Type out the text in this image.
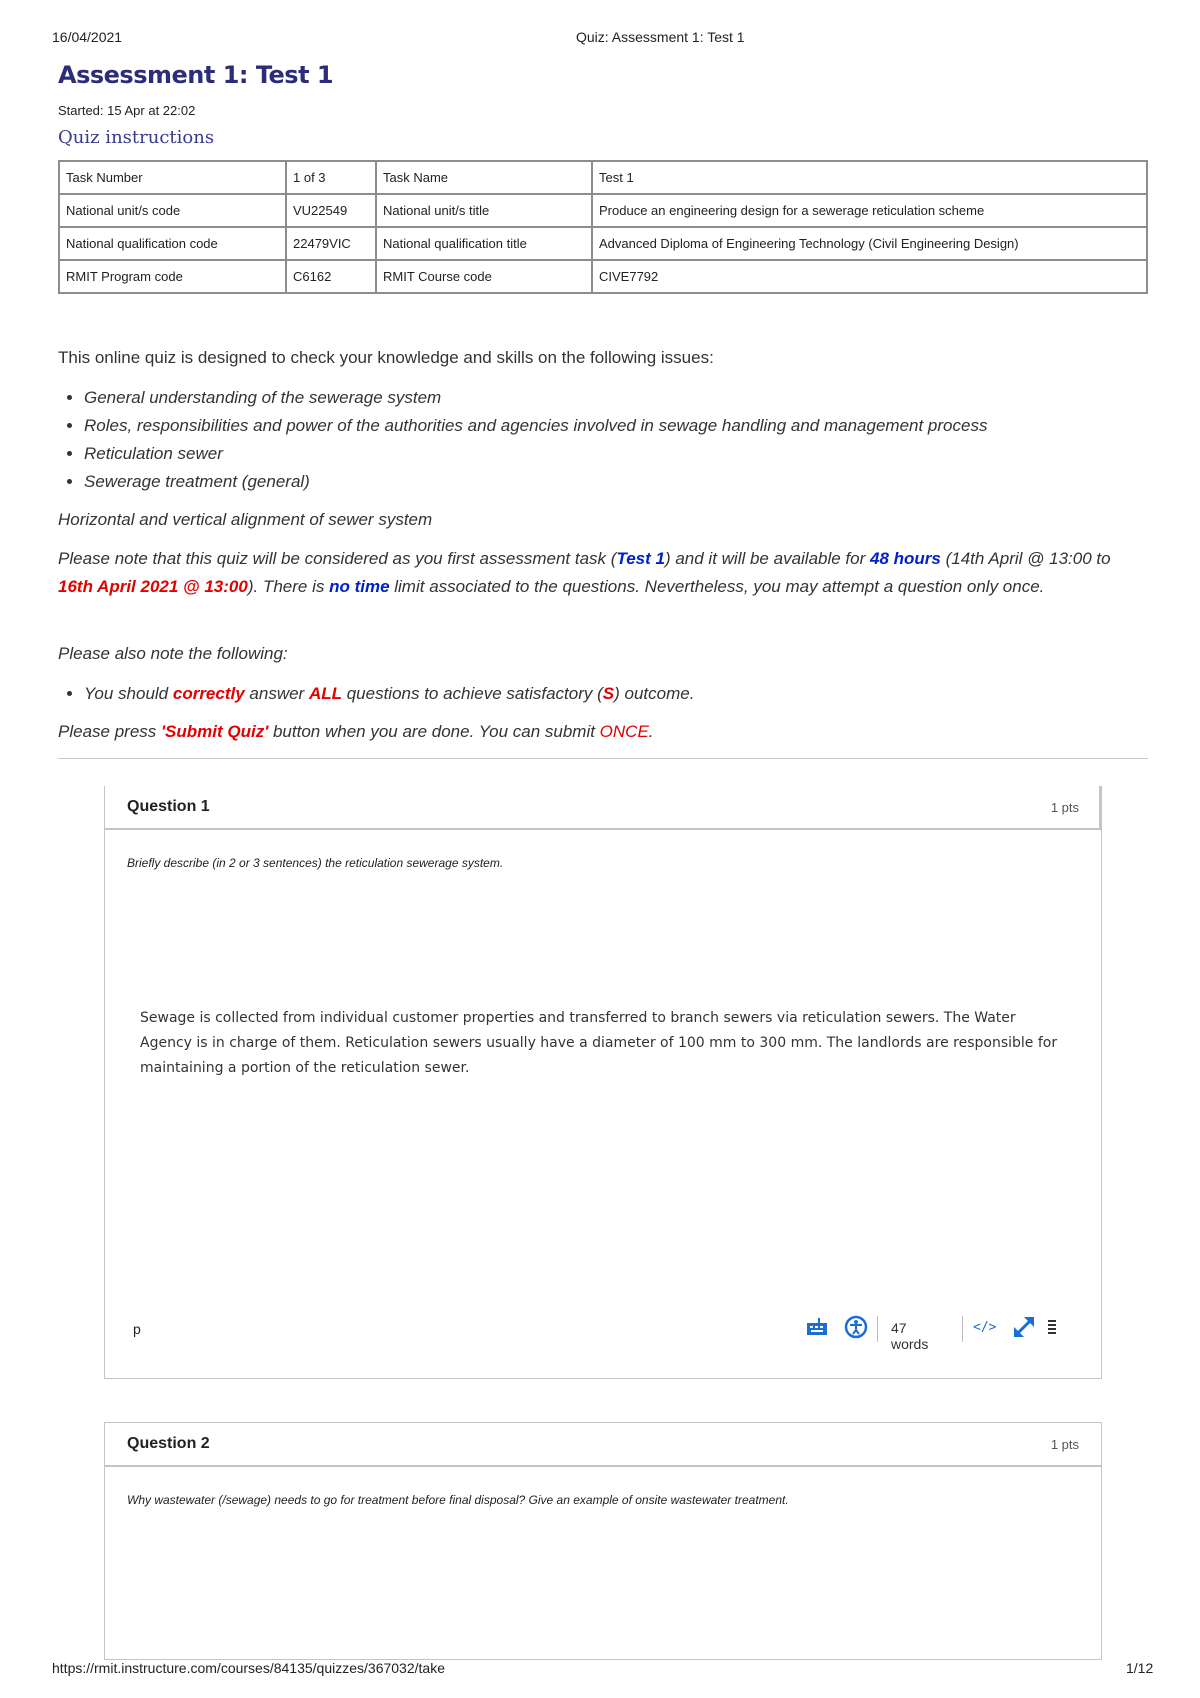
16/04/2021	Quiz: Assessment 1: Test 1
https://rmit.instructure.com/courses/84135/quizzes/367032/take	1/12
Assessment 1: Test 1
Started: 15 Apr at 22:02
Quiz instructions
Task Number	1 of 3	Task Name	Test 1
National unit/s code	VU22549	National unit/s title	Produce an engineering design for a sewerage reticulation scheme
National qualification code	22479VIC	National qualification title	Advanced Diploma of Engineering Technology (Civil Engineering Design)
RMIT Program code	C6162	RMIT Course code	CIVE7792
This online quiz is designed to check your knowledge and skills on the following issues:
• General understanding of the sewerage system
• Roles, responsibilities and power of the authorities and agencies involved in sewage handling and management process
• Reticulation sewer
• Sewerage treatment (general)
Horizontal and vertical alignment of sewer system
Please note that this quiz will be considered as you first assessment task (Test 1) and it will be available for 48 hours (14th April @ 13:00 to 16th April 2021 @ 13:00). There is no time limit associated to the questions. Nevertheless, you may attempt a question only once.
Please also note the following:
• You should correctly answer ALL questions to achieve satisfactory (S) outcome.
Please press 'Submit Quiz' button when you are done. You can submit ONCE.
Question 1	1 pts
Briefly describe (in 2 or 3 sentences) the reticulation sewerage system.
Sewage is collected from individual customer properties and transferred to branch sewers via reticulation sewers. The Water Agency is in charge of them. Reticulation sewers usually have a diameter of 100 mm to 300 mm. The landlords are responsible for maintaining a portion of the reticulation sewer.
p	47 words
</>
Question 2	1 pts
Why wastewater (/sewage) needs to go for treatment before final disposal? Give an example of onsite wastewater treatment.
